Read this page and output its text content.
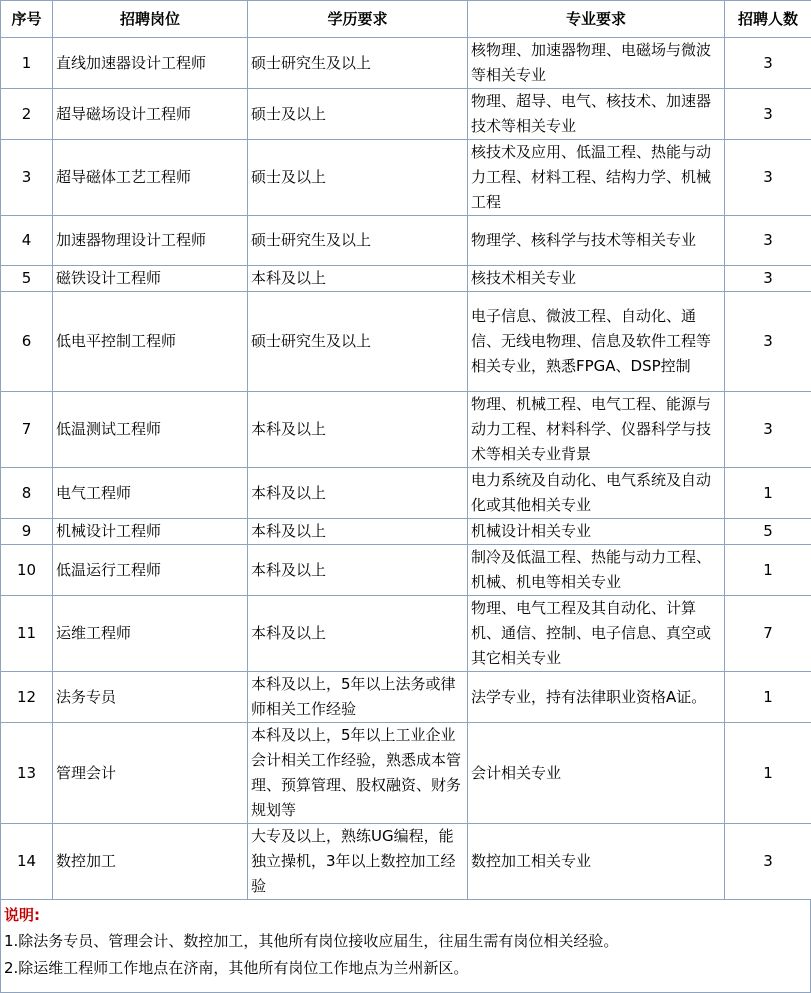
序号	招聘岗位	学历要求	专业要求	招聘人数
1	直线加速器设计工程师	硕士研究生及以上	核物理、加速器物理、电磁场与微波等相关专业	3
2	超导磁场设计工程师	硕士及以上	物理、超导、电气、核技术、加速器技术等相关专业	3
3	超导磁体工艺工程师	硕士及以上	核技术及应用、低温工程、热能与动力工程、材料工程、结构力学、机械工程	3
4	加速器物理设计工程师	硕士研究生及以上	物理学、核科学与技术等相关专业	3
5	磁铁设计工程师	本科及以上	核技术相关专业	3
6	低电平控制工程师	硕士研究生及以上	电子信息、微波工程、自动化、通信、无线电物理、信息及软件工程等相关专业，熟悉FPGA、DSP控制	3
7	低温测试工程师	本科及以上	物理、机械工程、电气工程、能源与动力工程、材料科学、仪器科学与技术等相关专业背景	3
8	电气工程师	本科及以上	电力系统及自动化、电气系统及自动化或其他相关专业	1
9	机械设计工程师	本科及以上	机械设计相关专业	5
10	低温运行工程师	本科及以上	制冷及低温工程、热能与动力工程、机械、机电等相关专业	1
11	运维工程师	本科及以上	物理、电气工程及其自动化、计算机、通信、控制、电子信息、真空或其它相关专业	7
12	法务专员	本科及以上，5年以上法务或律师相关工作经验	法学专业，持有法律职业资格A证。	1
13	管理会计	本科及以上，5年以上工业企业会计相关工作经验，熟悉成本管理、预算管理、股权融资、财务规划等	会计相关专业	1
14	数控加工	大专及以上，熟练UG编程，能独立操机，3年以上数控加工经验	数控加工相关专业	3
说明:
1.除法务专员、管理会计、数控加工，其他所有岗位接收应届生，往届生需有岗位相关经验。
2.除运维工程师工作地点在济南，其他所有岗位工作地点为兰州新区。
